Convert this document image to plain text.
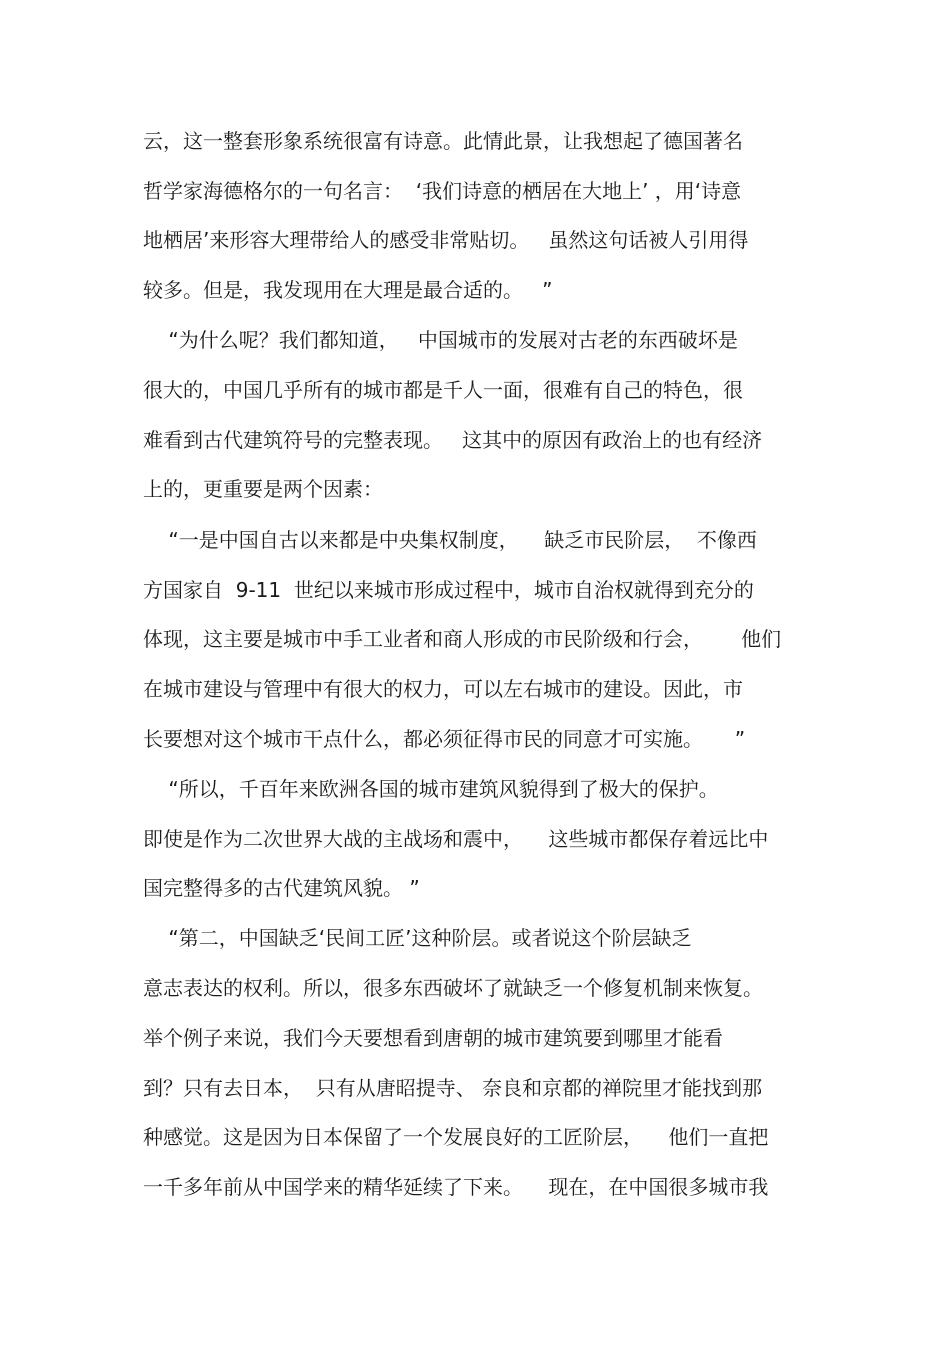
云，这一整套形象系统很富有诗意。此情此景，让我想起了德国著名
哲学家海德格尔的一句名言：  ‘我们诗意的栖居在大地上’ ，用‘诗意
地栖居’来形容大理带给人的感受非常贴切。   虽然这句话被人引用得
较多。但是，我发现用在大理是最合适的。   ”
“为什么呢？我们都知道，   中国城市的发展对古老的东西破坏是
很大的，中国几乎所有的城市都是千人一面，很难有自己的特色，很
难看到古代建筑符号的完整表现。   这其中的原因有政治上的也有经济
上的，更重要是两个因素：
“一是中国自古以来都是中央集权制度，    缺乏市民阶层，  不像西
方国家自  9-11  世纪以来城市形成过程中，城市自治权就得到充分的
体现，这主要是城市中手工业者和商人形成的市民阶级和行会，      他们
在城市建设与管理中有很大的权力，可以左右城市的建设。因此，市
长要想对这个城市干点什么，都必须征得市民的同意才可实施。     ”
“所以，千百年来欧洲各国的城市建筑风貌得到了极大的保护。
即使是作为二次世界大战的主战场和震中，    这些城市都保存着远比中
国完整得多的古代建筑风貌。 ”
“第二，中国缺乏‘民间工匠’这种阶层。或者说这个阶层缺乏
意志表达的权利。所以，很多东西破坏了就缺乏一个修复机制来恢复。
举个例子来说，我们今天要想看到唐朝的城市建筑要到哪里才能看
到？只有去日本，  只有从唐昭提寺、 奈良和京都的禅院里才能找到那
种感觉。这是因为日本保留了一个发展良好的工匠阶层，    他们一直把
一千多年前从中国学来的精华延续了下来。    现在，在中国很多城市我
